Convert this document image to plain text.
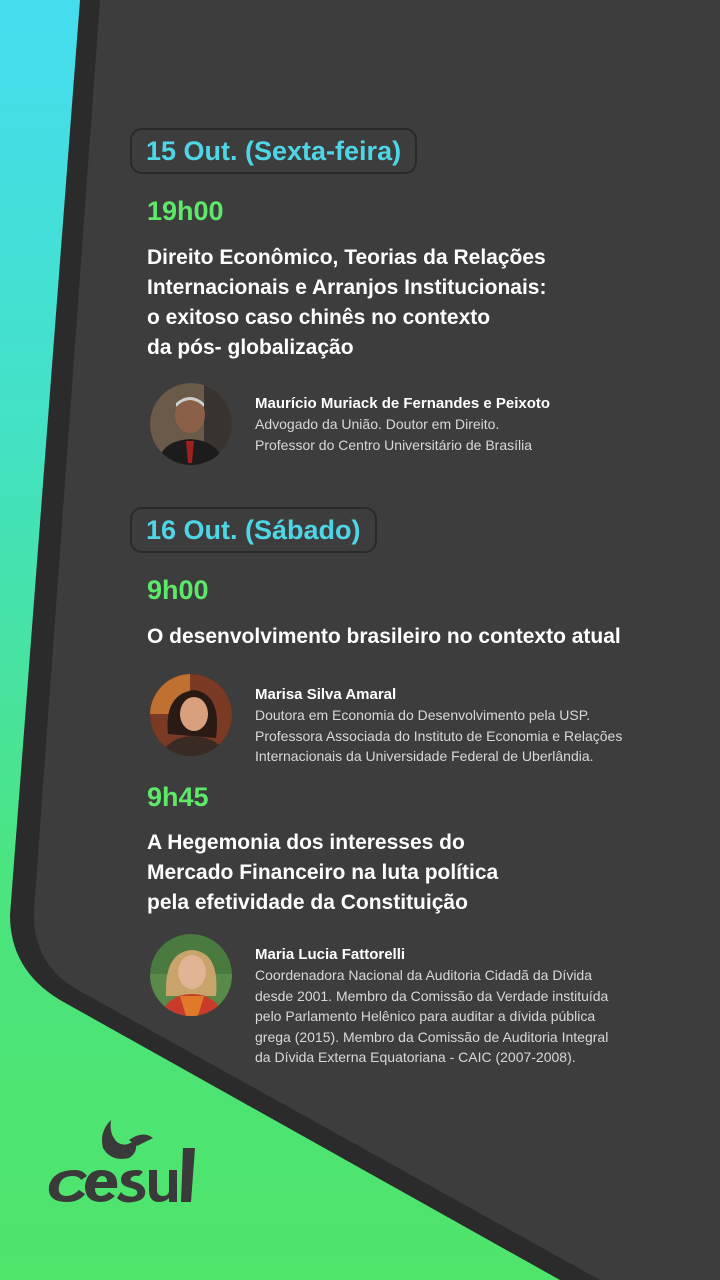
15 Out. (Sexta-feira)
19h00
Direito Econômico, Teorias da Relações
Internacionais e Arranjos Institucionais:
o exitoso caso chinês no contexto
da pós- globalização
Maurício Muriack de Fernandes e Peixoto
Advogado da União. Doutor em Direito.
Professor do Centro Universitário de Brasília
16 Out. (Sábado)
9h00
O desenvolvimento brasileiro no contexto atual
Marisa Silva Amaral
Doutora em Economia do Desenvolvimento pela USP.
Professora Associada do Instituto de Economia e Relações
Internacionais da Universidade Federal de Uberlândia.
9h45
A Hegemonia dos interesses do
Mercado Financeiro na luta política
pela efetividade da Constituição
Maria Lucia Fattorelli
Coordenadora Nacional da Auditoria Cidadã da Dívida
desde 2001. Membro da Comissão da Verdade instituída
pelo Parlamento Helênico para auditar a dívida pública
grega (2015). Membro da Comissão de Auditoria Integral
da Dívida Externa Equatoriana - CAIC (2007-2008).
